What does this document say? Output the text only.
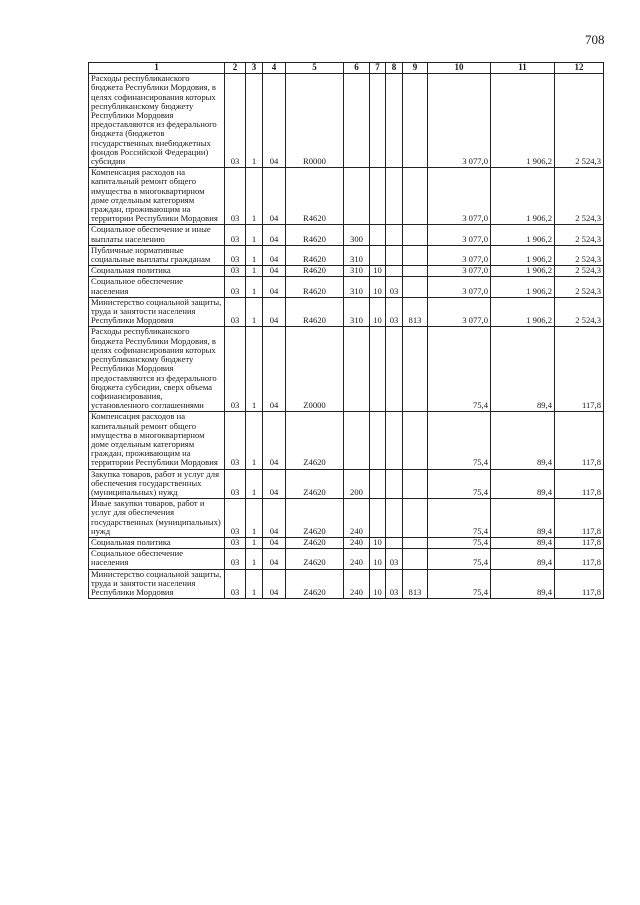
708
1	2	3	4	5	6	7	8	9	10	11	12
Расходы республиканского бюджета Республики Мордовия, в целях софинансирования которых республиканскому бюджету Республики Мордовия предоставляются из федерального бюджета (бюджетов государственных внебюджетных фондов Российской Федерации) субсидии	03	1	04	R0000					3 077,0	1 906,2	2 524,3
Компенсация расходов на капитальный ремонт общего имущества в многоквартирном доме отдельным категориям граждан, проживающим на территории Республики Мордовия	03	1	04	R4620					3 077,0	1 906,2	2 524,3
Социальное обеспечение и иные выплаты населению	03	1	04	R4620	300				3 077,0	1 906,2	2 524,3
Публичные нормативные социальные выплаты гражданам	03	1	04	R4620	310				3 077,0	1 906,2	2 524,3
Социальная политика	03	1	04	R4620	310	10			3 077,0	1 906,2	2 524,3
Социальное обеспечение населения	03	1	04	R4620	310	10	03		3 077,0	1 906,2	2 524,3
Министерство социальной защиты, труда и занятости населения Республики Мордовия	03	1	04	R4620	310	10	03	813	3 077,0	1 906,2	2 524,3
Расходы республиканского бюджета Республики Мордовия, в целях софинансирования которых республиканскому бюджету Республики Мордовия предоставляются из федерального бюджета субсидии, сверх объема софинансирования, установленного соглашениями	03	1	04	Z0000					75,4	89,4	117,8
Компенсация расходов на капитальный ремонт общего имущества в многоквартирном доме отдельным категориям граждан, проживающим на территории Республики Мордовия	03	1	04	Z4620					75,4	89,4	117,8
Закупка товаров, работ и услуг для обеспечения государственных (муниципальных) нужд	03	1	04	Z4620	200				75,4	89,4	117,8
Иные закупки товаров, работ и услуг для обеспечения государственных (муниципальных) нужд	03	1	04	Z4620	240				75,4	89,4	117,8
Социальная политика	03	1	04	Z4620	240	10			75,4	89,4	117,8
Социальное обеспечение населения	03	1	04	Z4620	240	10	03		75,4	89,4	117,8
Министерство социальной защиты, труда и занятости населения Республики Мордовия	03	1	04	Z4620	240	10	03	813	75,4	89,4	117,8
